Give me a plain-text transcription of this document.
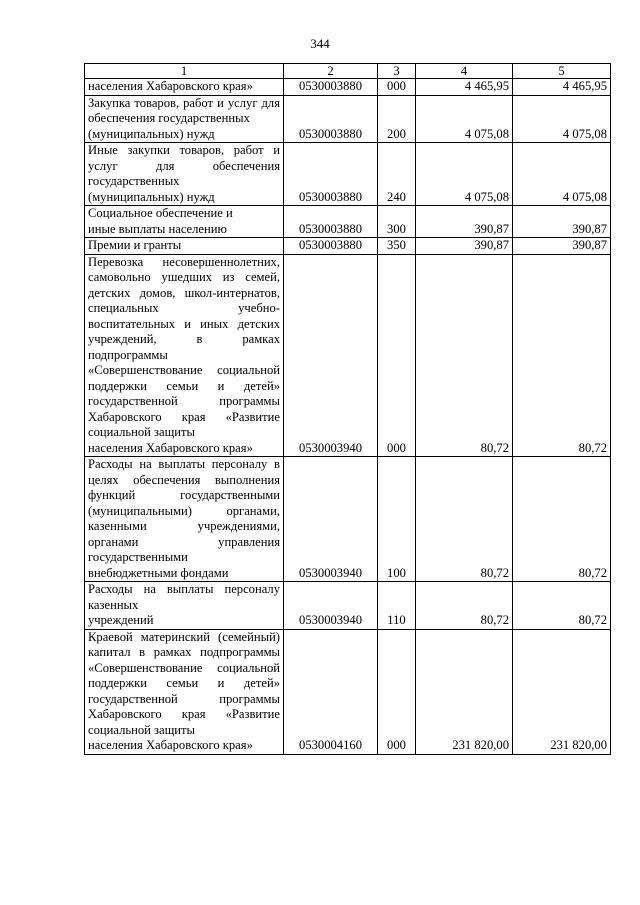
344
1	2	3	4	5

населения Хабаровского края»	0530003880	000	4 465,95	4 465,95

Закупка товаров, работ и услуг для обеспечения государственных
(муниципальных) нужд	0530003880	200	4 075,08	4 075,08

Иные закупки товаров, работ и услуг для обеспечения государственных
(муниципальных) нужд	0530003880	240	4 075,08	4 075,08

Социальное обеспечение и
иные выплаты населению	0530003880	300	390,87	390,87

Премии и гранты	0530003880	350	390,87	390,87

Перевозка несовершеннолетних, самовольно ушедших из семей, детских домов, школ-интернатов, специальных учебно-воспитательных и иных детских учреждений, в рамках подпрограммы «Совершенствование социальной поддержки семьи и детей» государственной программы Хабаровского края «Развитие социальной защиты
населения Хабаровского края»	0530003940	000	80,72	80,72

Расходы на выплаты персоналу в целях обеспечения выполнения функций государственными (муниципальными) органами, казенными учреждениями, органами управления государственными
внебюджетными фондами	0530003940	100	80,72	80,72

Расходы на выплаты персоналу казенных
учреждений	0530003940	110	80,72	80,72

Краевой материнский (семейный) капитал в рамках подпрограммы «Совершенствование социальной поддержки семьи и детей» государственной программы Хабаровского края «Развитие социальной защиты
населения Хабаровского края»	0530004160	000	231 820,00	231 820,00
